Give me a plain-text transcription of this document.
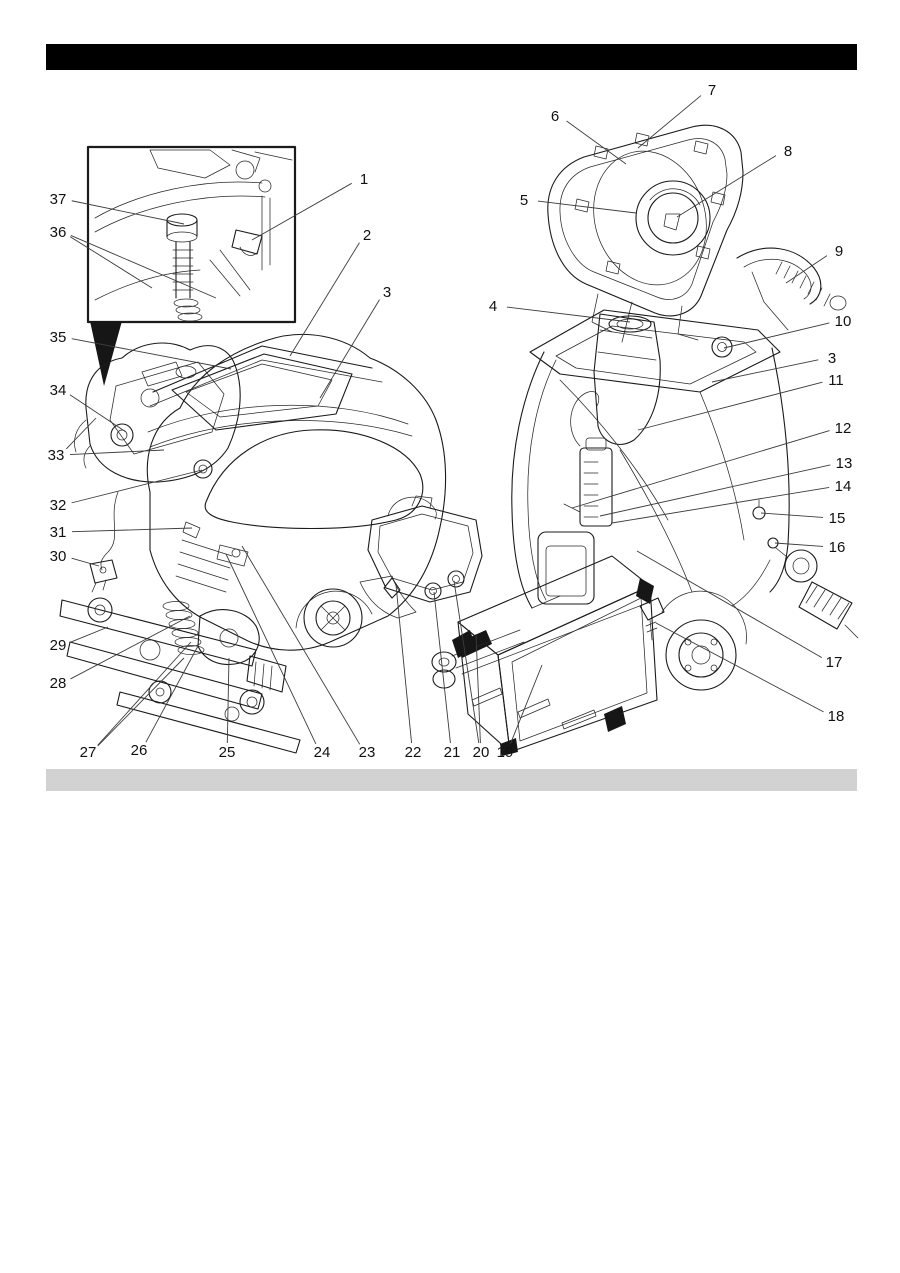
1
2
3
4
5
6
7
8
9
10
3
11
12
13
14
15
16
17
18
19
20
21
22
23
24
25
26
27
28
29
30
31
32
33
34
35
36
37
